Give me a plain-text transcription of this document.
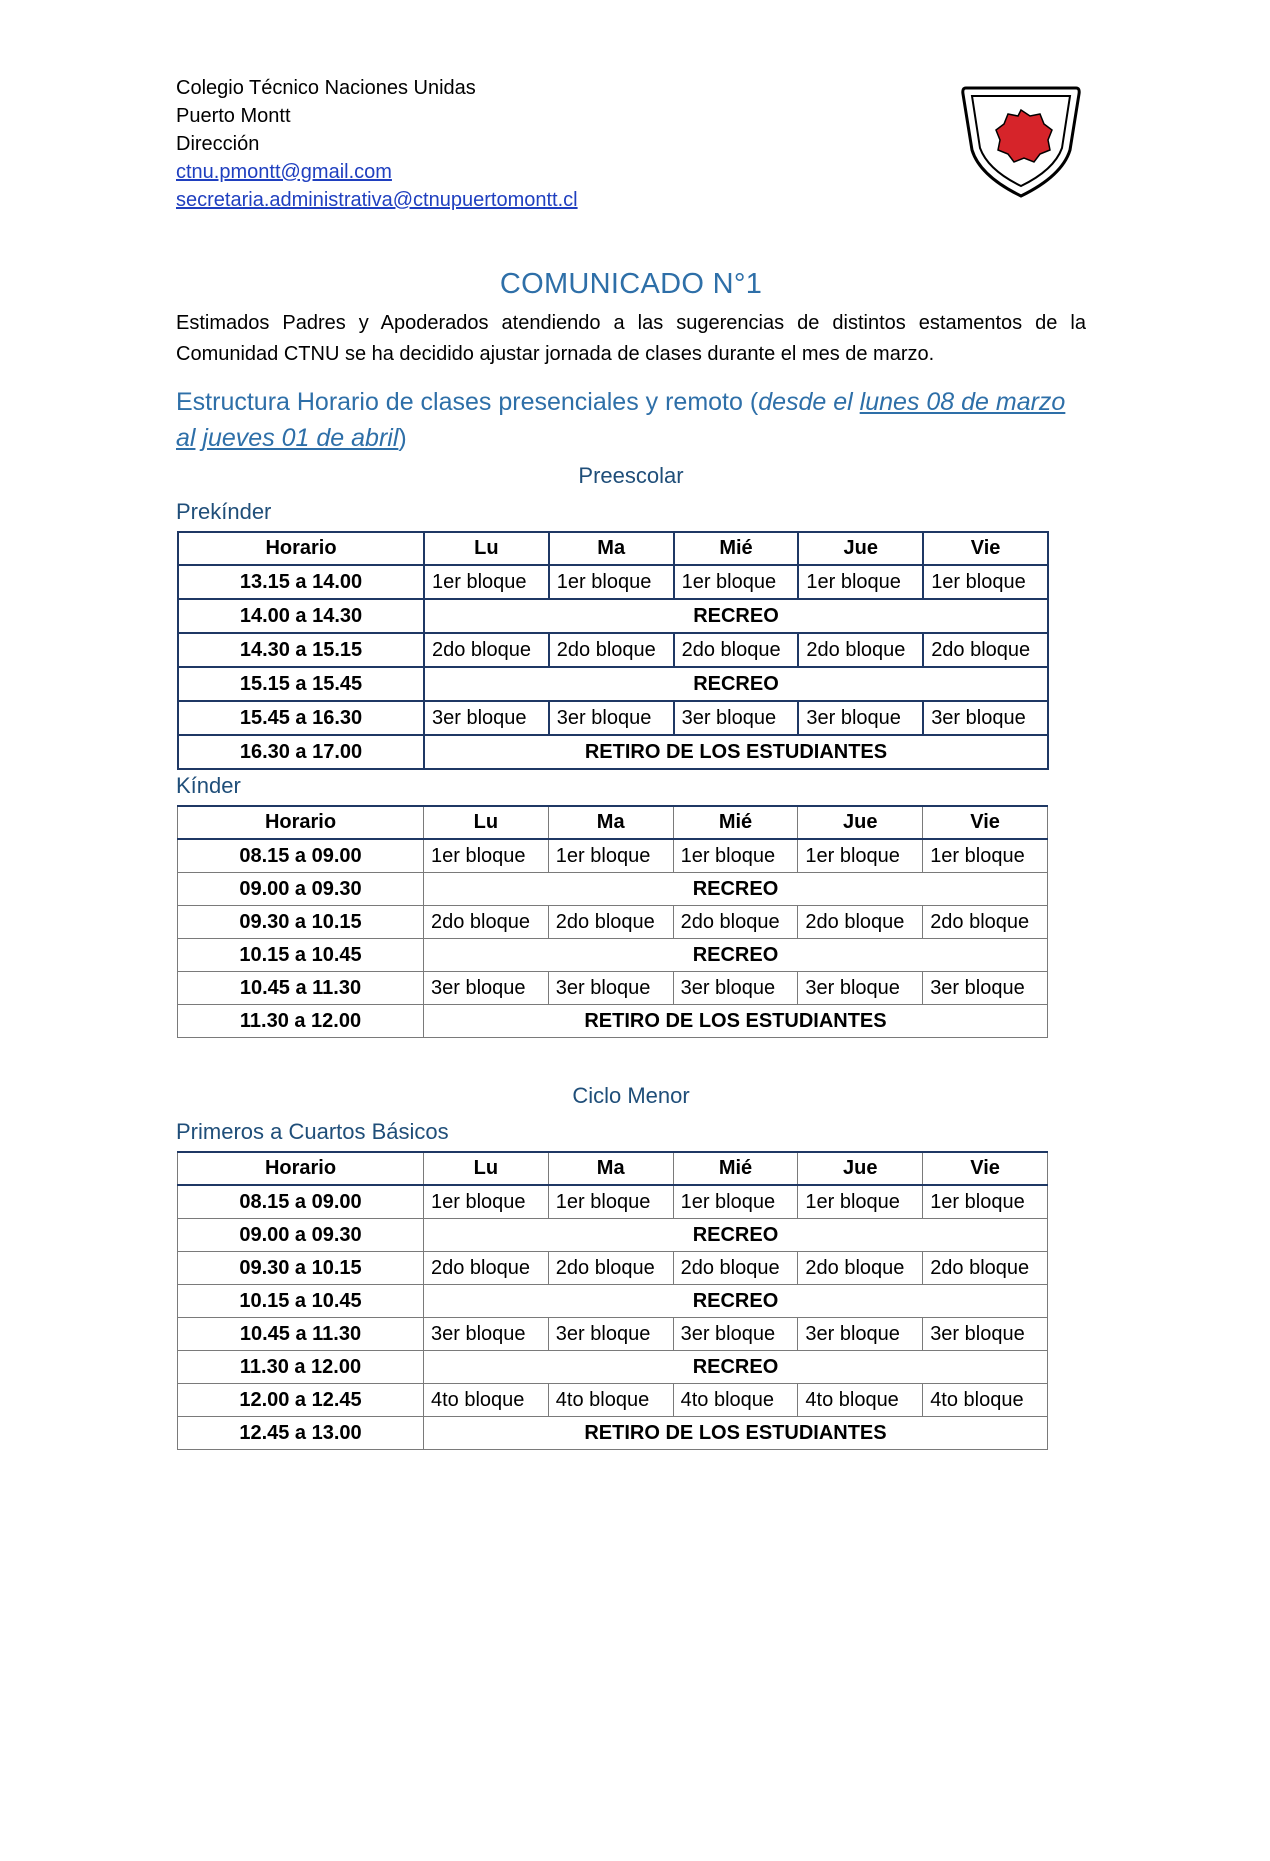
Colegio Técnico Naciones Unidas
Puerto Montt
Dirección
ctnu.pmontt@gmail.com
secretaria.administrativa@ctnupuertomontt.cl
COMUNICADO N°1
Estimados Padres y Apoderados atendiendo a las sugerencias de distintos estamentos de la Comunidad CTNU se ha decidido ajustar jornada de clases durante el mes de marzo.
Estructura Horario de clases presenciales y remoto (desde el lunes 08 de marzo al jueves 01 de abril)
Preescolar
Prekínder
Horario	Lu	Ma	Mié	Jue	Vie
13.15 a 14.00	1er bloque	1er bloque	1er bloque	1er bloque	1er bloque
14.00 a 14.30	RECREO				
14.30 a 15.15	2do bloque	2do bloque	2do bloque	2do bloque	2do bloque
15.15 a 15.45	RECREO				
15.45 a 16.30	3er bloque	3er bloque	3er bloque	3er bloque	3er bloque
16.30 a 17.00	RETIRO DE LOS ESTUDIANTES				
Kínder
Horario	Lu	Ma	Mié	Jue	Vie
08.15 a 09.00	1er bloque	1er bloque	1er bloque	1er bloque	1er bloque
09.00 a 09.30	RECREO				
09.30 a 10.15	2do bloque	2do bloque	2do bloque	2do bloque	2do bloque
10.15 a 10.45	RECREO				
10.45 a 11.30	3er bloque	3er bloque	3er bloque	3er bloque	3er bloque
11.30 a 12.00	RETIRO DE LOS ESTUDIANTES				
Ciclo Menor
Primeros a Cuartos Básicos
Horario	Lu	Ma	Mié	Jue	Vie
08.15 a 09.00	1er bloque	1er bloque	1er bloque	1er bloque	1er bloque
09.00 a 09.30	RECREO				
09.30 a 10.15	2do bloque	2do bloque	2do bloque	2do bloque	2do bloque
10.15 a 10.45	RECREO				
10.45 a 11.30	3er bloque	3er bloque	3er bloque	3er bloque	3er bloque
11.30 a 12.00	RECREO				
12.00 a 12.45	4to bloque	4to bloque	4to bloque	4to bloque	4to bloque
12.45 a 13.00	RETIRO DE LOS ESTUDIANTES				
